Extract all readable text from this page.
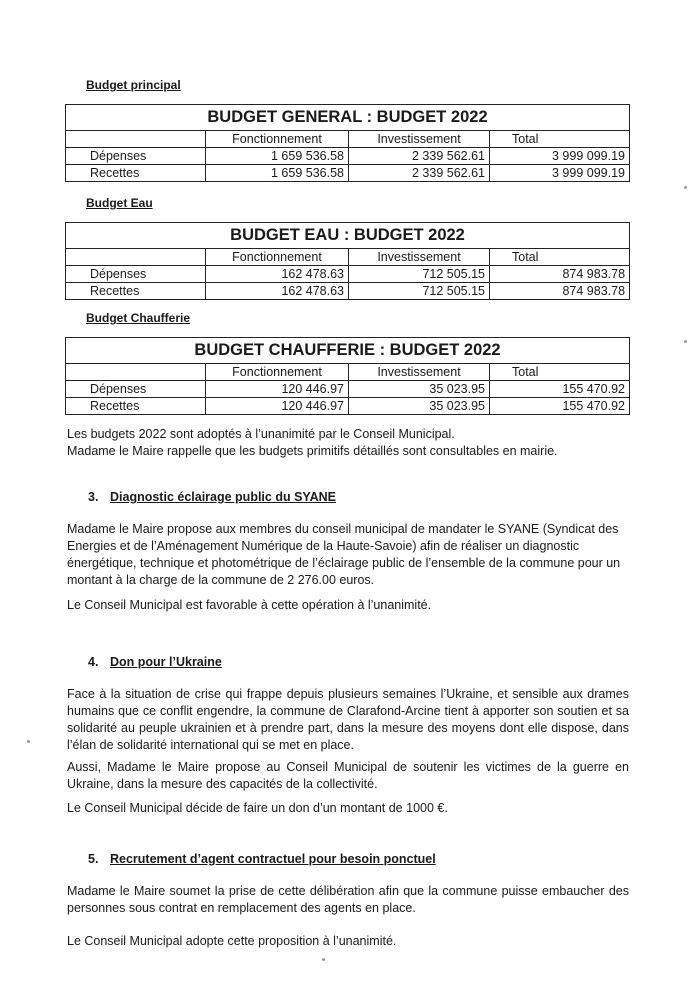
Budget principal
BUDGET GENERAL : BUDGET 2022			
	Fonctionnement	Investissement	Total
Dépenses	1 659 536.58	2 339 562.61	3 999 099.19
Recettes	1 659 536.58	2 339 562.61	3 999 099.19
Budget Eau
BUDGET EAU : BUDGET 2022			
	Fonctionnement	Investissement	Total
Dépenses	162 478.63	712 505.15	874 983.78
Recettes	162 478.63	712 505.15	874 983.78
Budget Chaufferie
BUDGET CHAUFFERIE : BUDGET 2022			
	Fonctionnement	Investissement	Total
Dépenses	120 446.97	35 023.95	155 470.92
Recettes	120 446.97	35 023.95	155 470.92

Les budgets 2022 sont adoptés à l’unanimité par le Conseil Municipal.

Madame le Maire rappelle que les budgets primitifs détaillés sont consultables en mairie.

3. Diagnostic éclairage public du SYANE

Madame le Maire propose aux membres du conseil municipal de mandater le SYANE (Syndicat des Energies et de l’Aménagement Numérique de la Haute-Savoie) afin de réaliser un diagnostic énergétique, technique et photométrique de l’éclairage public de l’ensemble de la commune pour un montant à la charge de la commune de 2 276.00 euros.

Le Conseil Municipal est favorable à cette opération à l’unanimité.

4. Don pour l’Ukraine

Face à la situation de crise qui frappe depuis plusieurs semaines l’Ukraine, et sensible aux drames humains que ce conflit engendre, la commune de Clarafond-Arcine tient à apporter son soutien et sa solidarité au peuple ukrainien et à prendre part, dans la mesure des moyens dont elle dispose, dans l’élan de solidarité international qui se met en place.

Aussi, Madame le Maire propose au Conseil Municipal de soutenir les victimes de la guerre en Ukraine, dans la mesure des capacités de la collectivité.

Le Conseil Municipal décide de faire un don d’un montant de 1000 €.

5. Recrutement d’agent contractuel pour besoin ponctuel

Madame le Maire soumet la prise de cette délibération afin que la commune puisse embaucher des personnes sous contrat en remplacement des agents en place.

Le Conseil Municipal adopte cette proposition à l’unanimité.
